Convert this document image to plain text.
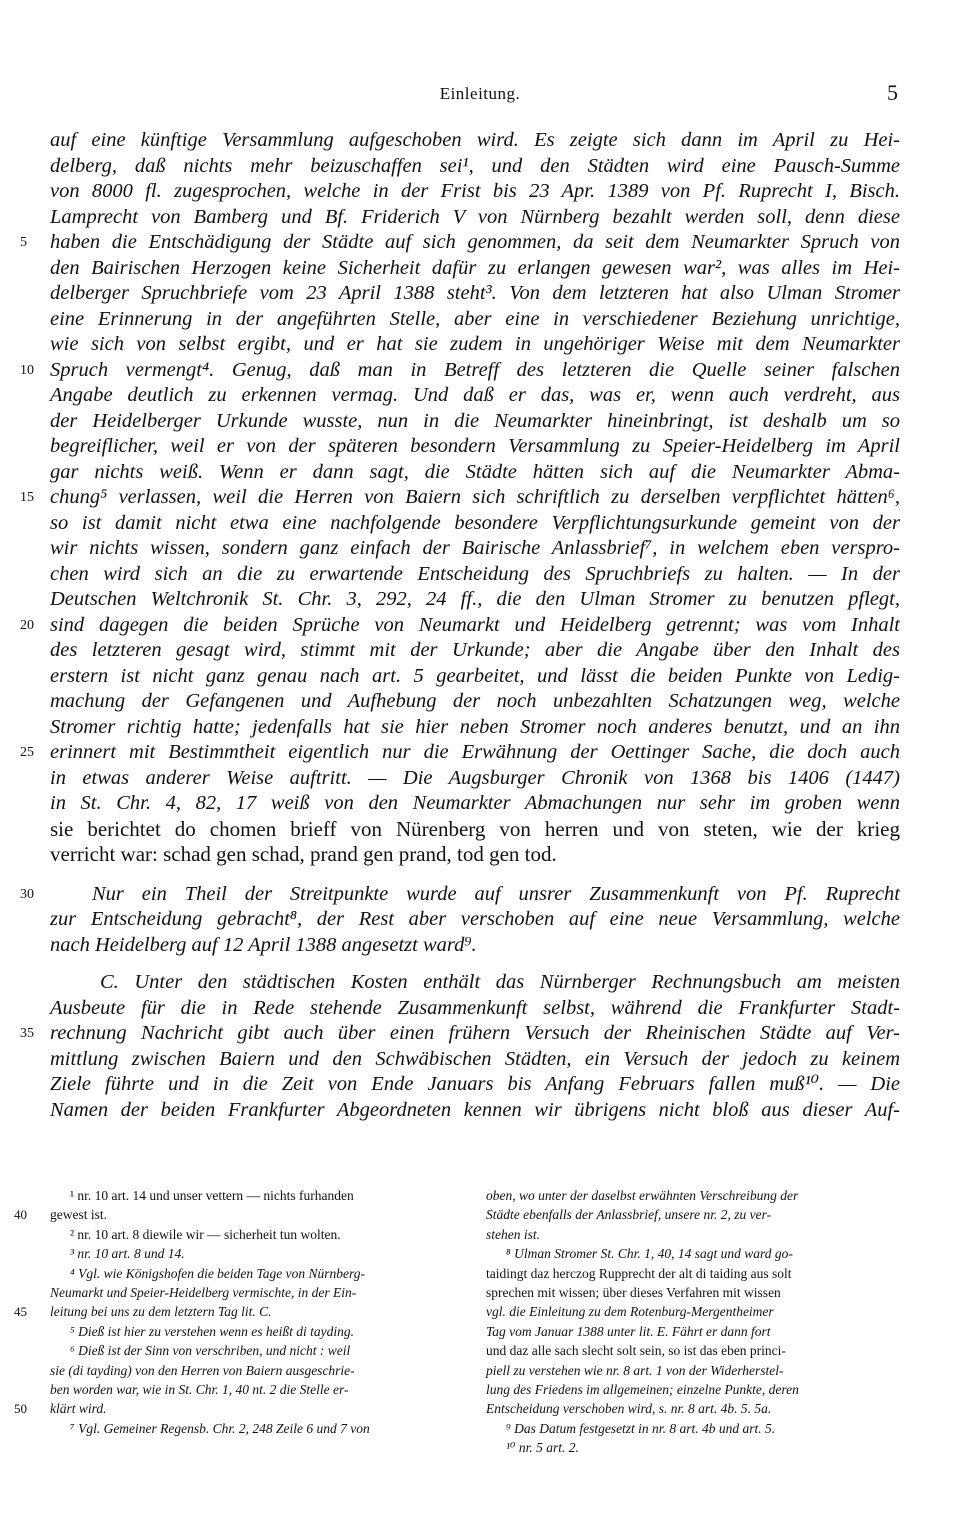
Einleitung.	5
auf eine künftige Versammlung aufgeschoben wird. Es zeigte sich dann im April zu Hei-
delberg, daß nichts mehr beizuschaffen sei¹, und den Städten wird eine Pausch-Summe
von 8000 fl. zugesprochen, welche in der Frist bis 23 Apr. 1389 von Pf. Ruprecht I, Bisch.
Lamprecht von Bamberg und Bf. Friderich V von Nürnberg bezahlt werden soll, denn diese
5	haben die Entschädigung der Städte auf sich genommen, da seit dem Neumarkter Spruch von
den Bairischen Herzogen keine Sicherheit dafür zu erlangen gewesen war², was alles im Hei-
delberger Spruchbriefe vom 23 April 1388 steht³. Von dem letzteren hat also Ulman Stromer
eine Erinnerung in der angeführten Stelle, aber eine in verschiedener Beziehung unrichtige,
wie sich von selbst ergibt, und er hat sie zudem in ungehöriger Weise mit dem Neumarkter
10 Spruch vermengt⁴. Genug, daß man in Betreff des letzteren die Quelle seiner falschen
Angabe deutlich zu erkennen vermag. Und daß er das, was er, wenn auch verdreht, aus
der Heidelberger Urkunde wusste, nun in die Neumarkter hineinbringt, ist deshalb um so
begreiflicher, weil er von der späteren besondern Versammlung zu Speier-Heidelberg im April
gar nichts weiß. Wenn er dann sagt, die Städte hätten sich auf die Neumarkter Abma-
15 chung⁵ verlassen, weil die Herren von Baiern sich schriftlich zu derselben verpflichtet hätten⁶,
so ist damit nicht etwa eine nachfolgende besondere Verpflichtungsurkunde gemeint von der
wir nichts wissen, sondern ganz einfach der Bairische Anlassbrief⁷, in welchem eben verspro-
chen wird sich an die zu erwartende Entscheidung des Spruchbriefs zu halten. — In der
Deutschen Weltchronik St. Chr. 3, 292, 24 ff., die den Ulman Stromer zu benutzen pflegt,
20 sind dagegen die beiden Sprüche von Neumarkt und Heidelberg getrennt; was vom Inhalt
des letzteren gesagt wird, stimmt mit der Urkunde; aber die Angabe über den Inhalt des
erstern ist nicht ganz genau nach art. 5 gearbeitet, und lässt die beiden Punkte von Ledig-
machung der Gefangenen und Aufhebung der noch unbezahlten Schatzungen weg, welche
Stromer richtig hatte; jedenfalls hat sie hier neben Stromer noch anderes benutzt, und an ihn
25 erinnert mit Bestimmtheit eigentlich nur die Erwähnung der Oettinger Sache, die doch auch
in etwas anderer Weise auftritt. — Die Augsburger Chronik von 1368 bis 1406 (1447)
in St. Chr. 4, 82, 17 weiß von den Neumarkter Abmachungen nur sehr im groben wenn
sie berichtet do chomen brieff von Nürenberg von herren und von steten, wie der krieg
verricht war: schad gen schad, prand gen prand, tod gen tod.
30	Nur ein Theil der Streitpunkte wurde auf unsrer Zusammenkunft von Pf. Ruprecht
zur Entscheidung gebracht⁸, der Rest aber verschoben auf eine neue Versammlung, welche
nach Heidelberg auf 12 April 1388 angesetzt ward⁹.
C. Unter den städtischen Kosten enthält das Nürnberger Rechnungsbuch am meisten
Ausbeute für die in Rede stehende Zusammenkunft selbst, während die Frankfurter Stadt-
35 rechnung Nachricht gibt auch über einen frühern Versuch der Rheinischen Städte auf Ver-
mittlung zwischen Baiern und den Schwäbischen Städten, ein Versuch der jedoch zu keinem
Ziele führte und in die Zeit von Ende Januars bis Anfang Februars fallen muß¹⁰. — Die
Namen der beiden Frankfurter Abgeordneten kennen wir übrigens nicht bloß aus dieser Auf-
¹ nr. 10 art. 14 und unser vettern — nichts furhanden
40 gewest ist.
² nr. 10 art. 8 diewile wir — sicherheit tun wolten.
³ nr. 10 art. 8 und 14.
⁴ Vgl. wie Königshofen die beiden Tage von Nürnberg-
Neumarkt und Speier-Heidelberg vermischte, in der Ein-
45 leitung bei uns zu dem letztern Tag lit. C.
⁵ Dieß ist hier zu verstehen wenn es heißt di tayding.
⁶ Dieß ist der Sinn von verschriben, und nicht : weil
sie (di tayding) von den Herren von Baiern ausgeschrie-
ben worden war, wie in St. Chr. 1, 40 nt. 2 die Stelle er-
50 klärt wird.
⁷ Vgl. Gemeiner Regensb. Chr. 2, 248 Zeile 6 und 7 von
oben, wo unter der daselbst erwähnten Verschreibung der
Städte ebenfalls der Anlassbrief, unsere nr. 2, zu ver-
stehen ist.
⁸ Ulman Stromer St. Chr. 1, 40, 14 sagt und ward go-
taidingt daz herczog Rupprecht der alt di taiding aus solt
sprechen mit wissen; über dieses Verfahren mit wissen
vgl. die Einleitung zu dem Rotenburg-Mergentheimer
Tag vom Januar 1388 unter lit. E. Fährt er dann fort
und daz alle sach slecht solt sein, so ist das eben princi-
piell zu verstehen wie nr. 8 art. 1 von der Widerherstel-
lung des Friedens im allgemeinen; einzelne Punkte, deren
Entscheidung verschoben wird, s. nr. 8 art. 4b. 5. 5a.
⁹ Das Datum festgesetzt in nr. 8 art. 4b und art. 5.
¹⁰ nr. 5 art. 2.
